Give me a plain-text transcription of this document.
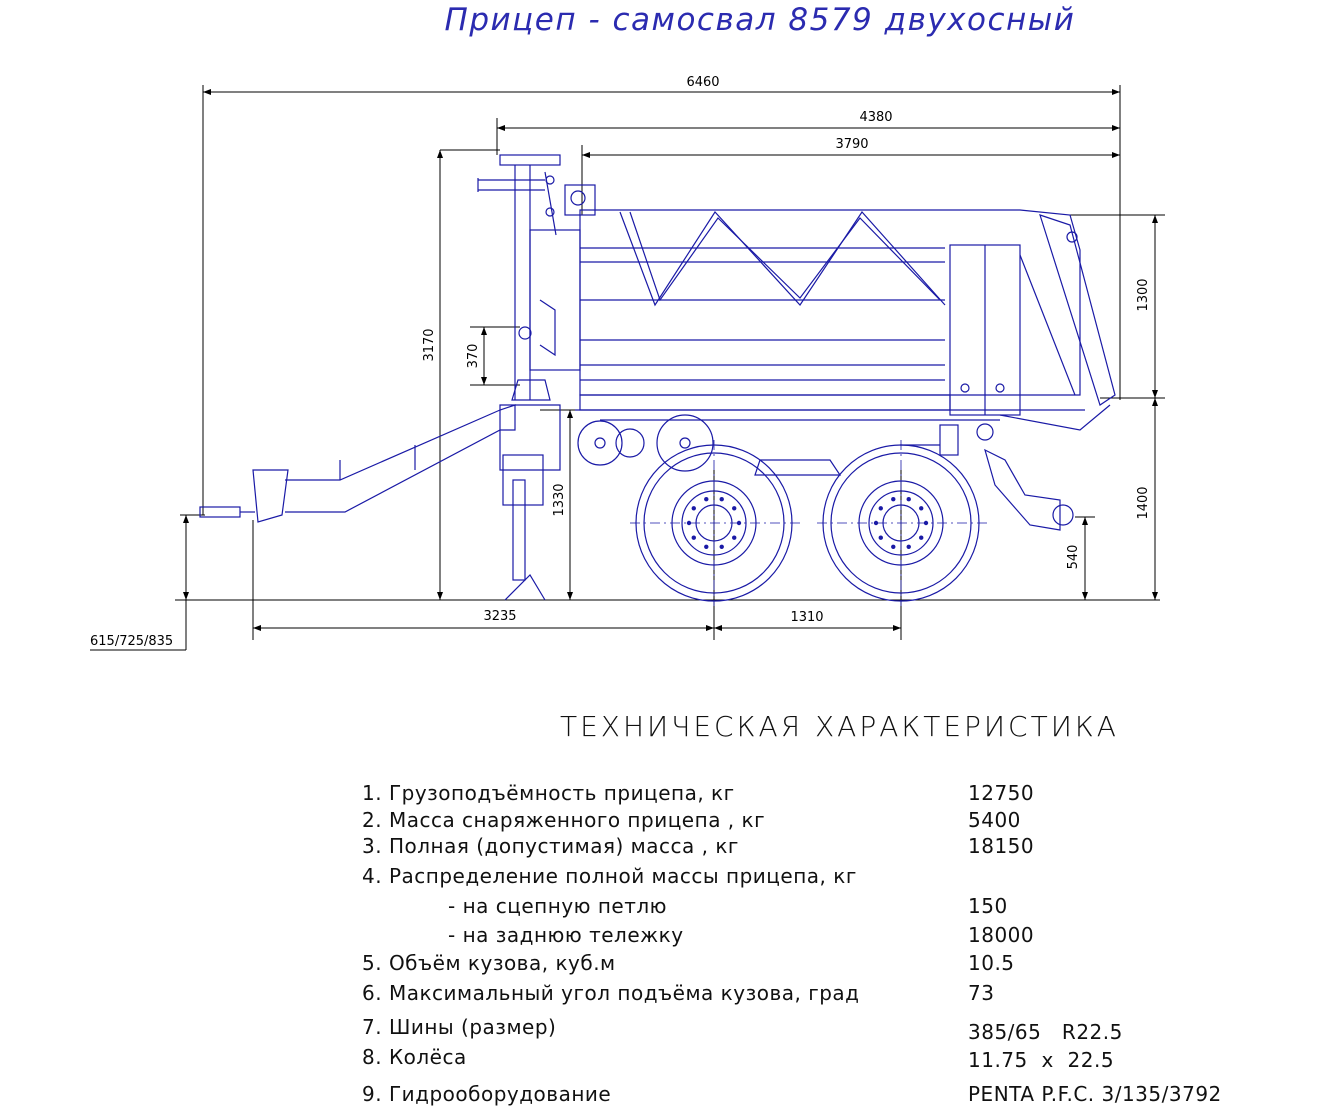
Прицеп - самосвал 8579 двухосный
6460
4380
3790
3170 370
1330
1300
1400
540
615/725/835
3235	1310
ТЕХНИЧЕСКАЯ ХАРАКТЕРИСТИКА
1. Грузоподъёмность прицепа, кг	12750
2. Масса снаряженного прицепа , кг	5400
3. Полная (допустимая) масса , кг	18150
4. Распределение полной массы прицепа, кг
- на сцепную петлю	150
- на заднюю тележку	18000
5. Объём кузова, куб.м	10.5
6. Максимальный угол подъёма кузова, град	73
7. Шины (размер)	385/65   R22.5
8. Колёса	11.75  x  22.5
9. Гидрооборудование	PENTA P.F.C. 3/135/3792
